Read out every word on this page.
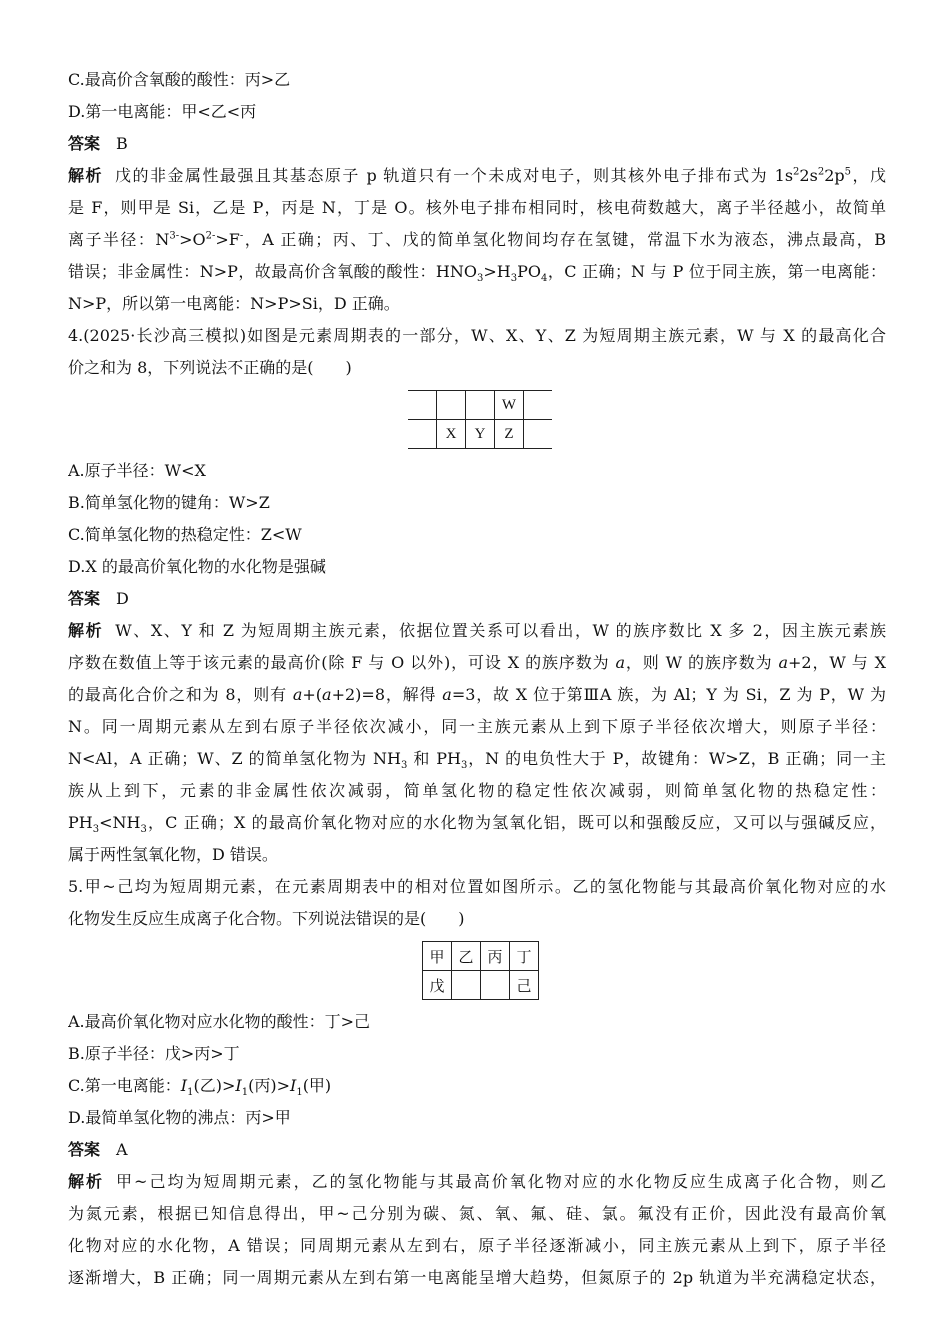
C.最高价含氧酸的酸性：丙>乙
D.第一电离能：甲<乙<丙
答案 B
解析 戊的非金属性最强且其基态原子 p 轨道只有一个未成对电子，则其核外电子排布式为 $1s^22s^22p^5$，戊
是 F，则甲是 Si，乙是 P，丙是 N，丁是 O。核外电子排布相同时，核电荷数越大，离子半径越小，故简单
离子半径：$N^{3-}>O^{2-}>F^-$，A 正确；丙、丁、戊的简单氢化物间均存在氢键，常温下水为液态，沸点最高，B
错误；非金属性：N>P，故最高价含氧酸的酸性：$HNO_3>H_3PO_4$，C 正确；N 与 P 位于同主族，第一电离能：
N>P，所以第一电离能：N>P>Si，D 正确。
4.(2025·长沙高三模拟)如图是元素周期表的一部分，W、X、Y、Z 为短周期主族元素，W 与 X 的最高化合
价之和为 8，下列说法不正确的是(　　)
			W	
	X	Y	Z	
A.原子半径：W<X
B.简单氢化物的键角：W>Z
C.简单氢化物的热稳定性：Z<W
D.X 的最高价氧化物的水化物是强碱
答案 D
解析 W、X、Y 和 Z 为短周期主族元素，依据位置关系可以看出，W 的族序数比 X 多 2，因主族元素族
序数在数值上等于该元素的最高价(除 F 与 O 以外)，可设 X 的族序数为 a，则 W 的族序数为 a+2，W 与 X
的最高化合价之和为 8，则有 a+(a+2)=8，解得 a=3，故 X 位于第ⅢA 族，为 Al；Y 为 Si，Z 为 P，W 为
N。同一周期元素从左到右原子半径依次减小，同一主族元素从上到下原子半径依次增大，则原子半径：
N<Al，A 正确；W、Z 的简单氢化物为 $NH_3$ 和 $PH_3$，N 的电负性大于 P，故键角：W>Z，B 正确；同一主
族从上到下，元素的非金属性依次减弱，简单氢化物的稳定性依次减弱，则简单氢化物的热稳定性：
$PH_3<NH_3$，C 正确；X 的最高价氧化物对应的水化物为氢氧化铝，既可以和强酸反应，又可以与强碱反应，
属于两性氢氧化物，D 错误。
5.甲~己均为短周期元素，在元素周期表中的相对位置如图所示。乙的氢化物能与其最高价氧化物对应的水
化物发生反应生成离子化合物。下列说法错误的是(　　)
甲	乙	丙	丁
戊			己
A.最高价氧化物对应水化物的酸性：丁>己
B.原子半径：戊>丙>丁
C.第一电离能：$I_1$(乙)$>I_1$(丙)$>I_1$(甲)
D.最简单氢化物的沸点：丙>甲
答案 A
解析 甲~己均为短周期元素，乙的氢化物能与其最高价氧化物对应的水化物反应生成离子化合物，则乙
为氮元素，根据已知信息得出，甲~己分别为碳、氮、氧、氟、硅、氯。氟没有正价，因此没有最高价氧
化物对应的水化物，A 错误；同周期元素从左到右，原子半径逐渐减小，同主族元素从上到下，原子半径
逐渐增大，B 正确；同一周期元素从左到右第一电离能呈增大趋势，但氮原子的 2p 轨道为半充满稳定状态，
